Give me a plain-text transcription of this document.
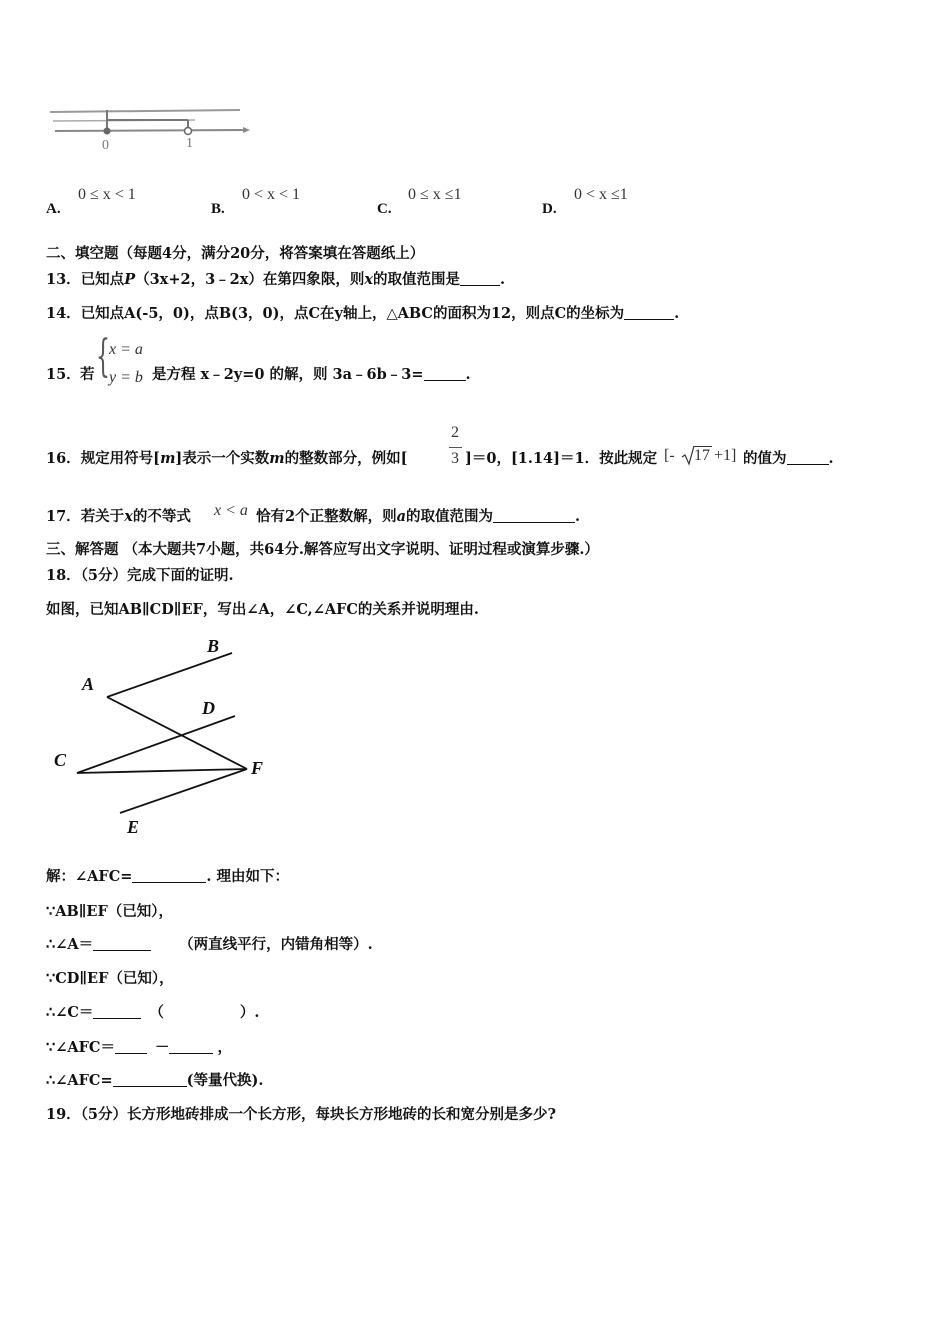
0	1
A.
0 ≤ x < 1
B.
0 < x < 1
C.
0 ≤ x ≤1
D.
0 < x ≤1
二、填空题（每题4分，满分20分，将答案填在答题纸上）
13．已知点P（3x+2，3﹣2x）在第四象限，则x的取值范围是	.
14．已知点A(-5，0)，点B(3，0)，点C在y轴上，△ABC的面积为12，则点C的坐标为	.
15． 若 { x = a
y = b 是方程 x﹣2y=0 的解，则 3a﹣6b﹣3=	.
16．规定用符号[m]表示一个实数m的整数部分，例如[
2
3 ]＝0，[1.14]＝1．按此规定 [- 17 +1] 的值为	.
17．若关于x的不等式 x < a 恰有2个正整数解，则a的取值范围为	.
三、解答题 （本大题共7小题，共64分.解答应写出文字说明、证明过程或演算步骤.）
18．（5分）完成下面的证明.
如图，已知AB∥CD∥EF，写出∠A，∠C,∠AFC的关系并说明理由.
B
A
D
C	F
E
解：∠AFC=	. 理由如下：
∵AB∥EF（已知），
∴∠A＝	（两直线平行，内错角相等）.
∵CD∥EF（已知），
∴∠C＝	（	）.
∵∠AFC＝	－	，
∴∠AFC=	(等量代换).
19．（5分）长方形地砖排成一个长方形，每块长方形地砖的长和宽分别是多少?
